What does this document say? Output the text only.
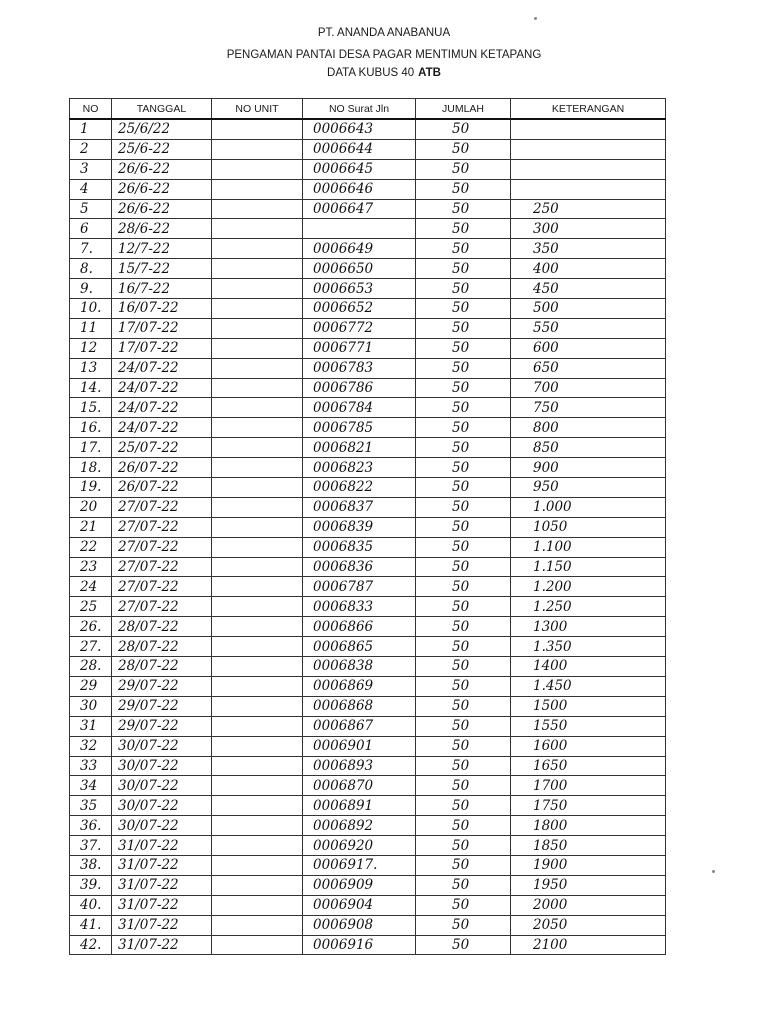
PT. ANANDA ANABANUA
PENGAMAN PANTAI DESA PAGAR MENTIMUN KETAPANG
DATA KUBUS 40 ATB
NO	TANGGAL	NO UNIT	NO Surat Jln	JUMLAH	KETERANGAN
1	25/6/22		0006643	50	
2	25/6-22		0006644	50	
3	26/6-22		0006645	50	
4	26/6-22		0006646	50	
5	26/6-22		0006647	50	250
6	28/6-22			50	300
7.	12/7-22		0006649	50	350
8.	15/7-22		0006650	50	400
9.	16/7-22		0006653	50	450
10.	16/07-22		0006652	50	500
11	17/07-22		0006772	50	550
12	17/07-22		0006771	50	600
13	24/07-22		0006783	50	650
14.	24/07-22		0006786	50	700
15.	24/07-22		0006784	50	750
16.	24/07-22		0006785	50	800
17.	25/07-22		0006821	50	850
18.	26/07-22		0006823	50	900
19.	26/07-22		0006822	50	950
20	27/07-22		0006837	50	1.000
21	27/07-22		0006839	50	1050
22	27/07-22		0006835	50	1.100
23	27/07-22		0006836	50	1.150
24	27/07-22		0006787	50	1.200
25	27/07-22		0006833	50	1.250
26.	28/07-22		0006866	50	1300
27.	28/07-22		0006865	50	1.350
28.	28/07-22		0006838	50	1400
29	29/07-22		0006869	50	1.450
30	29/07-22		0006868	50	1500
31	29/07-22		0006867	50	1550
32	30/07-22		0006901	50	1600
33	30/07-22		0006893	50	1650
34	30/07-22		0006870	50	1700
35	30/07-22		0006891	50	1750
36.	30/07-22		0006892	50	1800
37.	31/07-22		0006920	50	1850
38.	31/07-22		0006917.	50	1900
39.	31/07-22		0006909	50	1950
40.	31/07-22		0006904	50	2000
41.	31/07-22		0006908	50	2050
42.	31/07-22		0006916	50	2100
